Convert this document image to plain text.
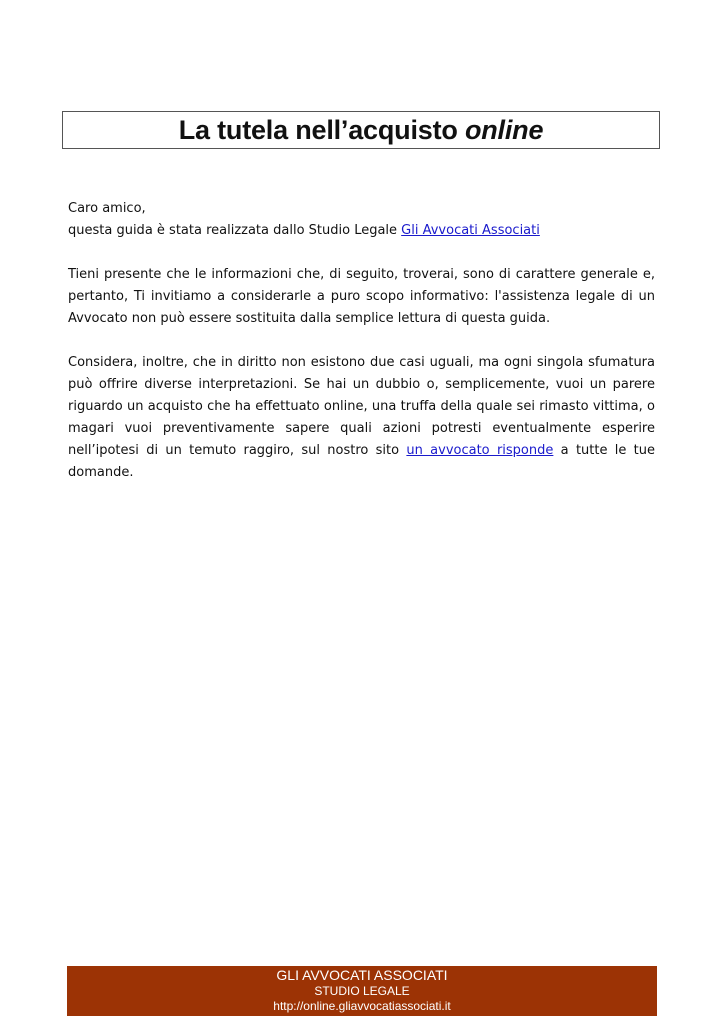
La tutela nell’acquisto online

Caro amico,

questa guida è stata realizzata dallo Studio Legale Gli Avvocati Associati

Tieni presente che le informazioni che, di seguito, troverai, sono di carattere generale e, pertanto, Ti invitiamo a considerarle a puro scopo informativo: l'assistenza legale di un Avvocato non può essere sostituita dalla semplice lettura di questa guida.

Considera, inoltre, che in diritto non esistono due casi uguali, ma ogni singola sfumatura può offrire diverse interpretazioni. Se hai un dubbio o, semplicemente, vuoi un parere riguardo un acquisto che ha effettuato online, una truffa della quale sei rimasto vittima, o magari vuoi preventivamente sapere quali azioni potresti eventualmente esperire nell’ipotesi di un temuto raggiro, sul nostro sito un avvocato risponde a tutte le tue domande.

GLI AVVOCATI ASSOCIATI
STUDIO LEGALE
http://online.gliavvocatiassociati.it
